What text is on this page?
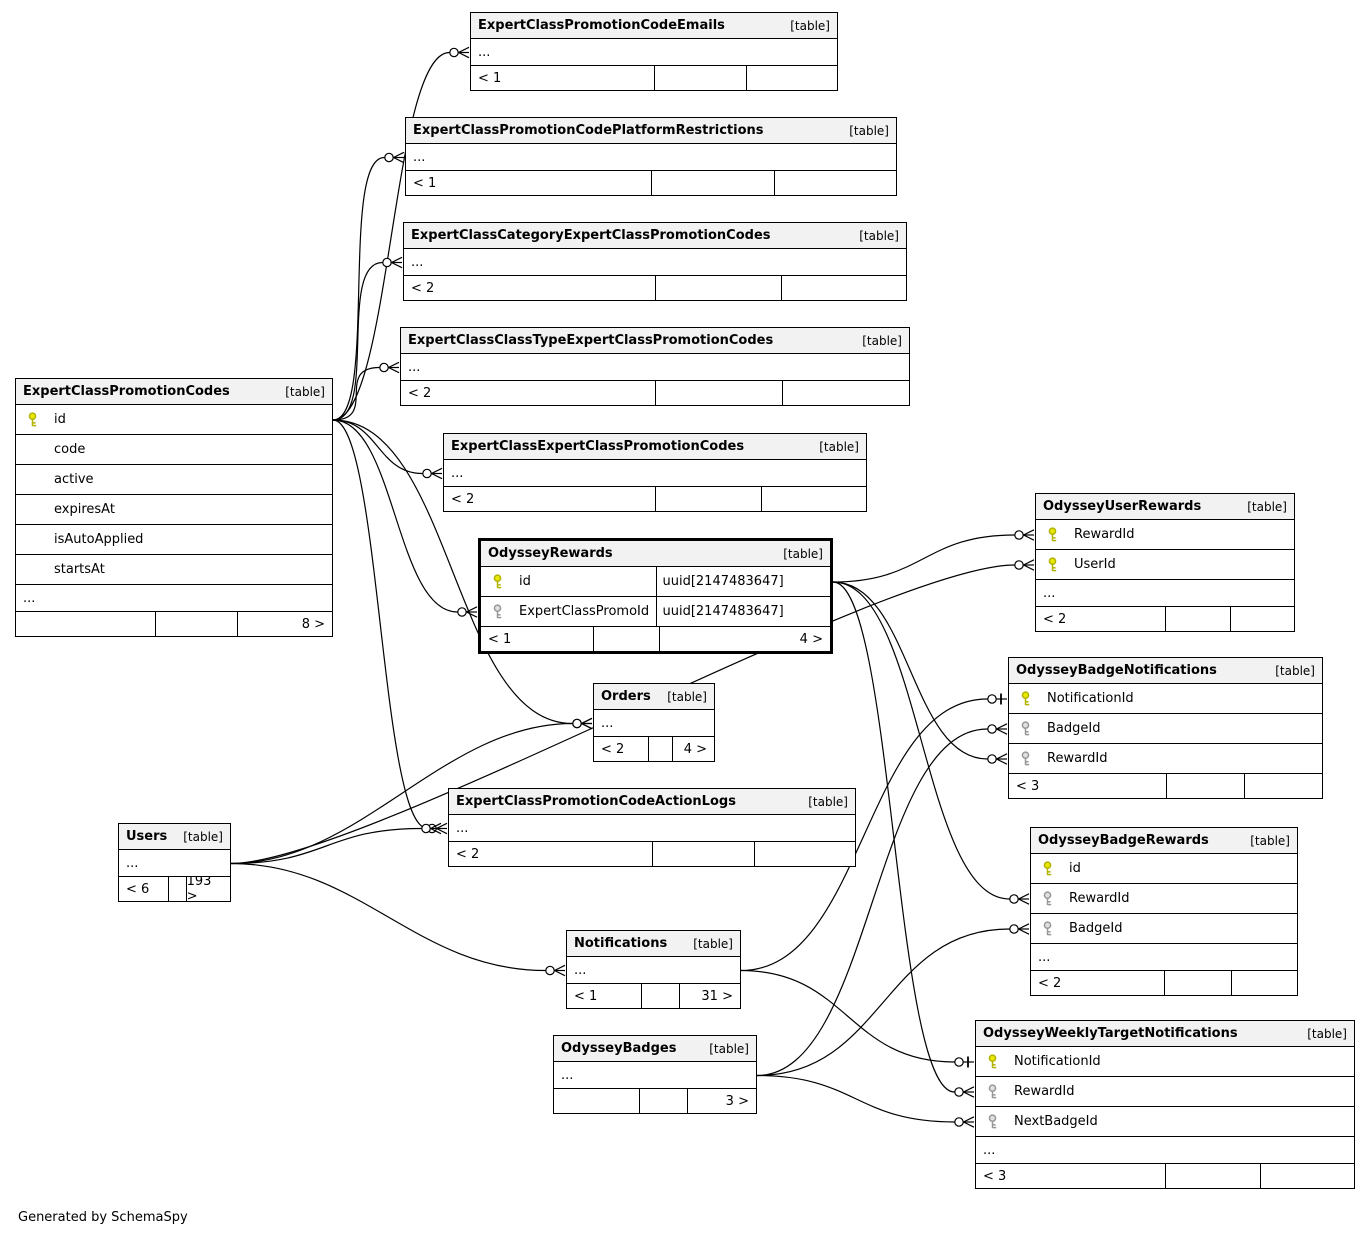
Generated by SchemaSpy
ExpertClassPromotionCodeEmails	[table]
...
< 1
ExpertClassPromotionCodePlatformRestrictions	[table]
...
< 1
ExpertClassCategoryExpertClassPromotionCodes	[table]
...
< 2
ExpertClassClassTypeExpertClassPromotionCodes	[table]
...
< 2
ExpertClassExpertClassPromotionCodes	[table]
...
< 2
ExpertClassPromotionCodes	[table]
id
code
active
expiresAt
isAutoApplied
startsAt
...
8 >
OdysseyRewards	[table]
id	uuid[2147483647]
ExpertClassPromoId	uuid[2147483647]
< 1	4 >
OdysseyUserRewards	[table]
RewardId
UserId
...
< 2
OdysseyBadgeNotifications	[table]
NotificationId
BadgeId
RewardId
< 3
OdysseyBadgeRewards	[table]
id
RewardId
BadgeId
...
< 2
OdysseyWeeklyTargetNotifications	[table]
NotificationId
RewardId
NextBadgeId
...
< 3
Users [table]
...
< 6	193 >
Orders [table]
...
< 2	4 >
ExpertClassPromotionCodeActionLogs	[table]
...
< 2
Notifications [table]
...
< 1	31 >
OdysseyBadges	[table]
...
3 >
